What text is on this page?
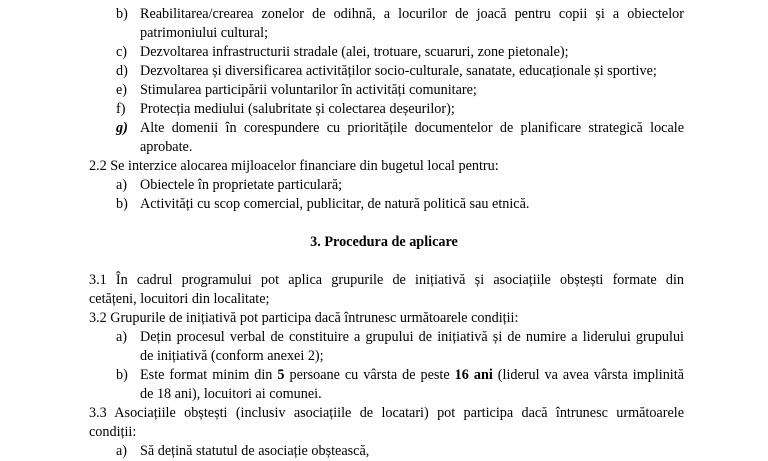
b) Reabilitarea/crearea zonelor de odihnă, a locurilor de joacă pentru copii și a obiectelor
patrimoniului cultural;
c) Dezvoltarea infrastructurii stradale (alei, trotuare, scuaruri, zone pietonale);
d) Dezvoltarea și diversificarea activităților socio-culturale, sanatate, educaționale și sportive;
e) Stimularea participării voluntarilor în activități comunitare;
f) Protecția mediului (salubritate și colectarea deșeurilor);
g) Alte domenii în corespundere cu prioritățile documentelor de planificare strategică locale
aprobate.
2.2 Se interzice alocarea mijloacelor financiare din bugetul local pentru:
a) Obiectele în proprietate particulară;
b) Activități cu scop comercial, publicitar, de natură politică sau etnică.
3. Procedura de aplicare
3.1 În cadrul programului pot aplica grupurile de inițiativă și asociațiile obștești formate din
cetățeni, locuitori din localitate;
3.2 Grupurile de inițiativă pot participa dacă întrunesc următoarele condiții:
a) Dețin procesul verbal de constituire a grupului de inițiativă și de numire a liderului grupului
de inițiativă (conform anexei 2);
b) Este format minim din 5 persoane cu vârsta de peste 16 ani (liderul va avea vârsta implinită
de 18 ani), locuitori ai comunei.
3.3 Asociațiile obștești (inclusiv asociațiile de locatari) pot participa dacă întrunesc următoarele
condiții:
a) Să dețină statutul de asociație obștească,
